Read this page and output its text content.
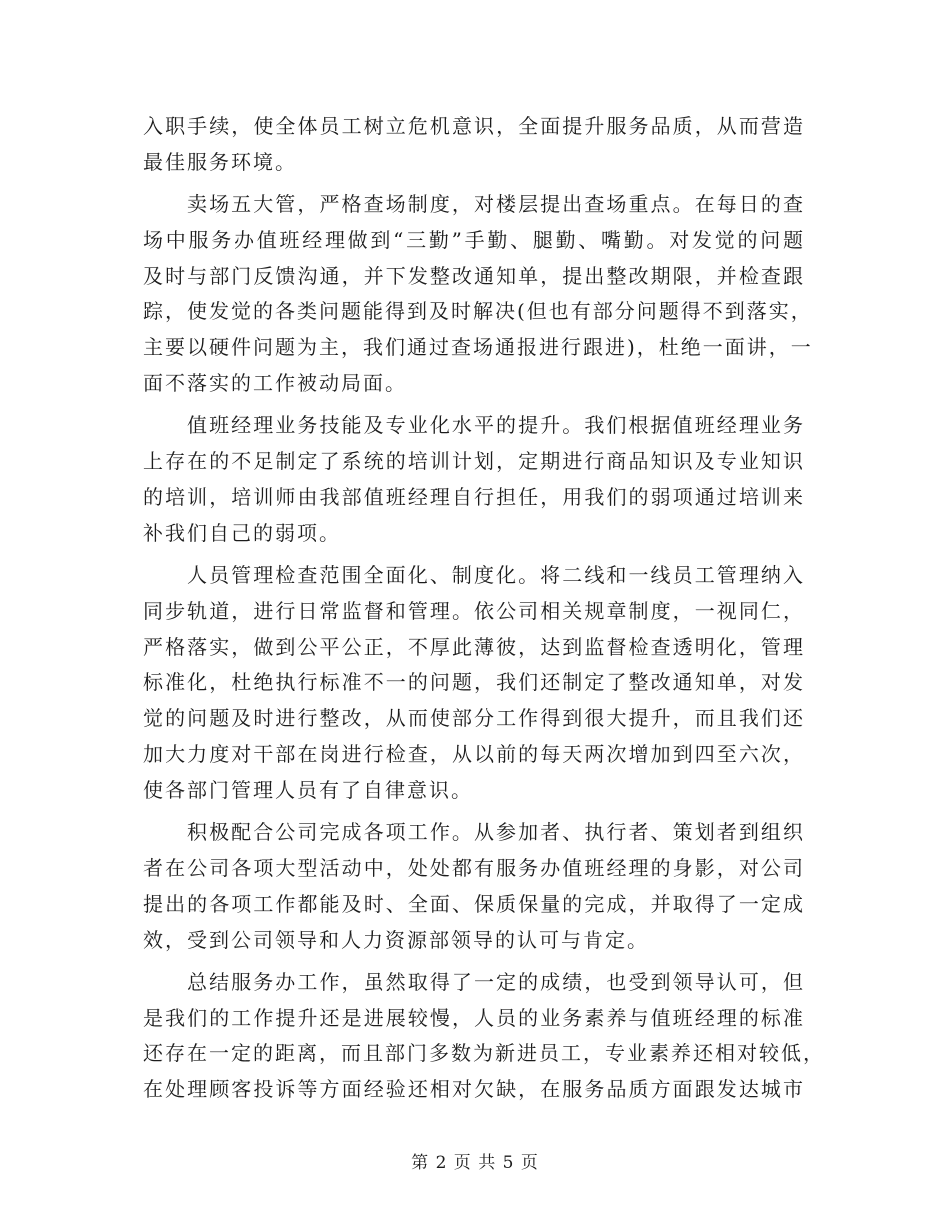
入职手续，使全体员工树立危机意识，全面提升服务品质，从而营造
最佳服务环境。
卖场五大管，严格查场制度，对楼层提出查场重点。在每日的查
场中服务办值班经理做到“三勤”手勤、腿勤、嘴勤。对发觉的问题
及时与部门反馈沟通，并下发整改通知单，提出整改期限，并检查跟
踪，使发觉的各类问题能得到及时解决(但也有部分问题得不到落实，
主要以硬件问题为主，我们通过查场通报进行跟进)，杜绝一面讲，一
面不落实的工作被动局面。
值班经理业务技能及专业化水平的提升。我们根据值班经理业务
上存在的不足制定了系统的培训计划，定期进行商品知识及专业知识
的培训，培训师由我部值班经理自行担任，用我们的弱项通过培训来
补我们自己的弱项。
人员管理检查范围全面化、制度化。将二线和一线员工管理纳入
同步轨道，进行日常监督和管理。依公司相关规章制度，一视同仁，
严格落实，做到公平公正，不厚此薄彼，达到监督检查透明化，管理
标准化，杜绝执行标准不一的问题，我们还制定了整改通知单，对发
觉的问题及时进行整改，从而使部分工作得到很大提升，而且我们还
加大力度对干部在岗进行检查，从以前的每天两次增加到四至六次，
使各部门管理人员有了自律意识。
积极配合公司完成各项工作。从参加者、执行者、策划者到组织
者在公司各项大型活动中，处处都有服务办值班经理的身影，对公司
提出的各项工作都能及时、全面、保质保量的完成，并取得了一定成
效，受到公司领导和人力资源部领导的认可与肯定。
总结服务办工作，虽然取得了一定的成绩，也受到领导认可，但
是我们的工作提升还是进展较慢，人员的业务素养与值班经理的标准
还存在一定的距离，而且部门多数为新进员工，专业素养还相对较低，
在处理顾客投诉等方面经验还相对欠缺，在服务品质方面跟发达城市
第 2 页 共 5 页
